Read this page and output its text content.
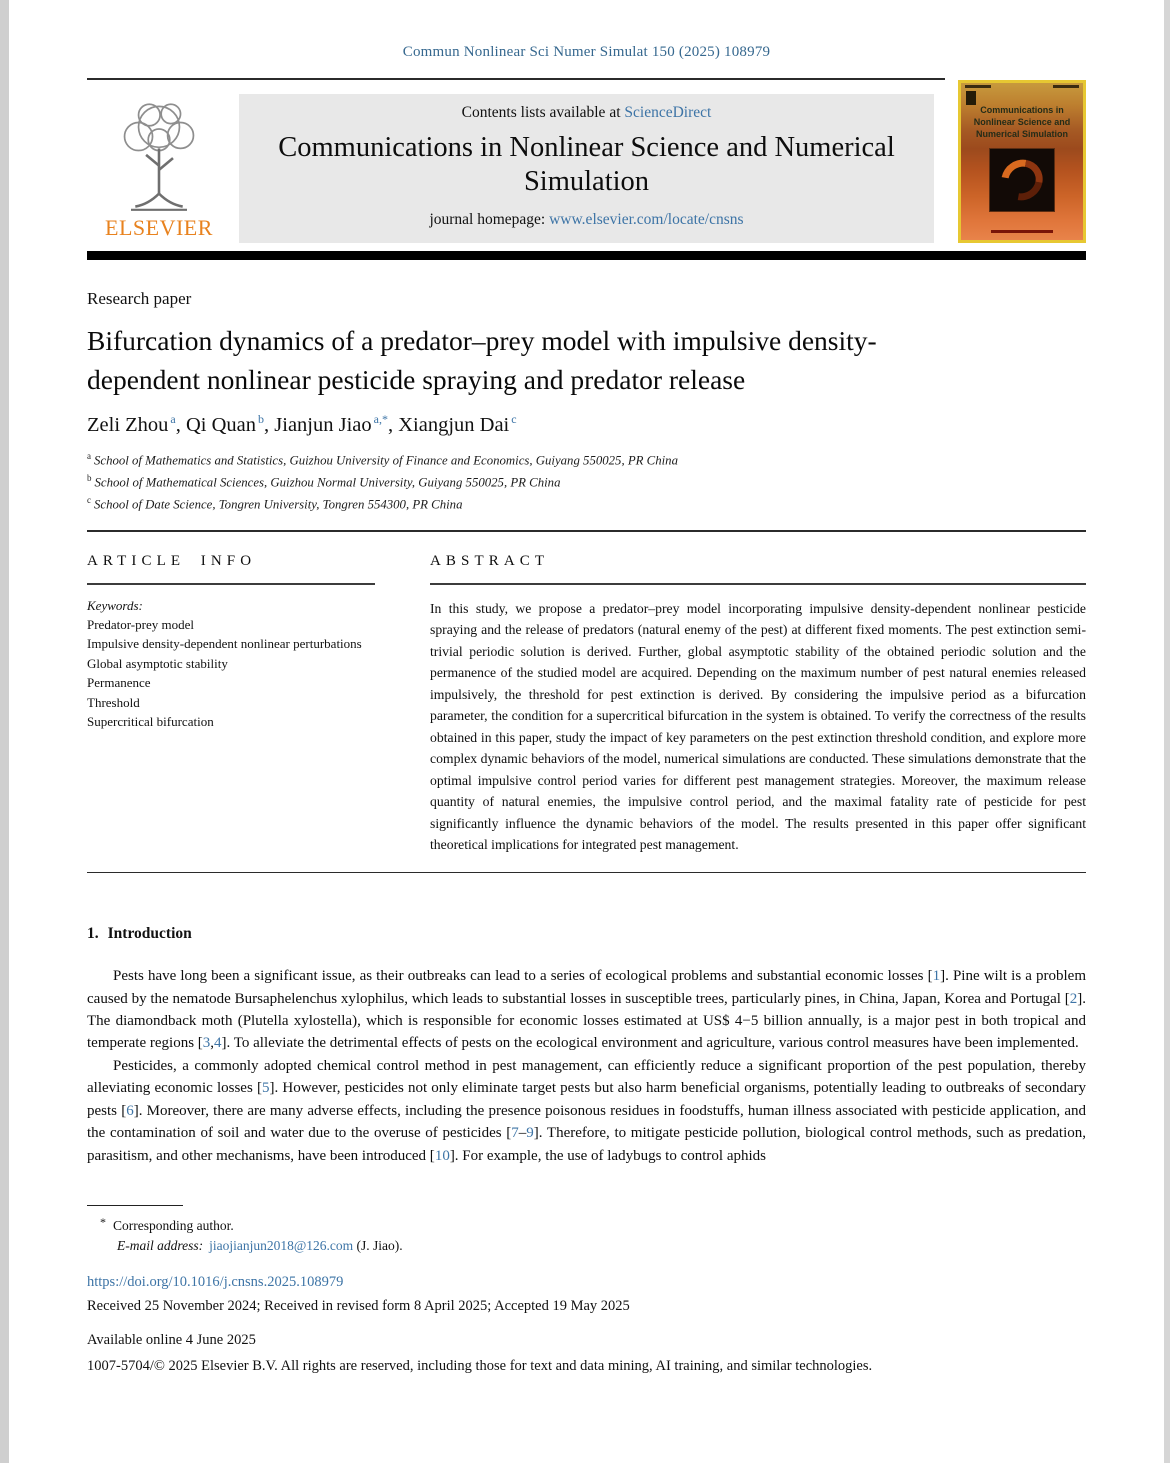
Commun Nonlinear Sci Numer Simulat 150 (2025) 108979
ELSEVIER
Contents lists available at ScienceDirect
Communications in Nonlinear Science and Numerical Simulation
journal homepage: www.elsevier.com/locate/cnsns
Communications in
Nonlinear Science and
Numerical Simulation
Research paper
Bifurcation dynamics of a predator–prey model with impulsive density-dependent nonlinear pesticide spraying and predator release
Zeli Zhou $^a$, Qi Quan $^b$, Jianjun Jiao $^{a,*}$, Xiangjun Dai $^c$
$^a$ School of Mathematics and Statistics, Guizhou University of Finance and Economics, Guiyang 550025, PR China
$^b$ School of Mathematical Sciences, Guizhou Normal University, Guiyang 550025, PR China
$^c$ School of Date Science, Tongren University, Tongren 554300, PR China
ARTICLE INFO
Keywords:
Predator-prey model
Impulsive density-dependent nonlinear perturbations
Global asymptotic stability
Permanence
Threshold
Supercritical bifurcation
ABSTRACT
In this study, we propose a predator–prey model incorporating impulsive density-dependent nonlinear pesticide spraying and the release of predators (natural enemy of the pest) at different fixed moments. The pest extinction semi-trivial periodic solution is derived. Further, global asymptotic stability of the obtained periodic solution and the permanence of the studied model are acquired. Depending on the maximum number of pest natural enemies released impulsively, the threshold for pest extinction is derived. By considering the impulsive period as a bifurcation parameter, the condition for a supercritical bifurcation in the system is obtained. To verify the correctness of the results obtained in this paper, study the impact of key parameters on the pest extinction threshold condition, and explore more complex dynamic behaviors of the model, numerical simulations are conducted. These simulations demonstrate that the optimal impulsive control period varies for different pest management strategies. Moreover, the maximum release quantity of natural enemies, the impulsive control period, and the maximal fatality rate of pesticide for pest significantly influence the dynamic behaviors of the model. The results presented in this paper offer significant theoretical implications for integrated pest management.
1. Introduction

Pests have long been a significant issue, as their outbreaks can lead to a series of ecological problems and substantial economic losses [1]. Pine wilt is a problem caused by the nematode Bursaphelenchus xylophilus, which leads to substantial losses in susceptible trees, particularly pines, in China, Japan, Korea and Portugal [2]. The diamondback moth (Plutella xylostella), which is responsible for economic losses estimated at US$ 4−5 billion annually, is a major pest in both tropical and temperate regions [3,4]. To alleviate the detrimental effects of pests on the ecological environment and agriculture, various control measures have been implemented.

Pesticides, a commonly adopted chemical control method in pest management, can efficiently reduce a significant proportion of the pest population, thereby alleviating economic losses [5]. However, pesticides not only eliminate target pests but also harm beneficial organisms, potentially leading to outbreaks of secondary pests [6]. Moreover, there are many adverse effects, including the presence poisonous residues in foodstuffs, human illness associated with pesticide application, and the contamination of soil and water due to the overuse of pesticides [7–9]. Therefore, to mitigate pesticide pollution, biological control methods, such as predation, parasitism, and other mechanisms, have been introduced [10]. For example, the use of ladybugs to control aphids

* Corresponding author.
E-mail address: jiaojianjun2018@126.com (J. Jiao).
https://doi.org/10.1016/j.cnsns.2025.108979
Received 25 November 2024; Received in revised form 8 April 2025; Accepted 19 May 2025
Available online 4 June 2025
1007-5704/© 2025 Elsevier B.V. All rights are reserved, including those for text and data mining, AI training, and similar technologies.
